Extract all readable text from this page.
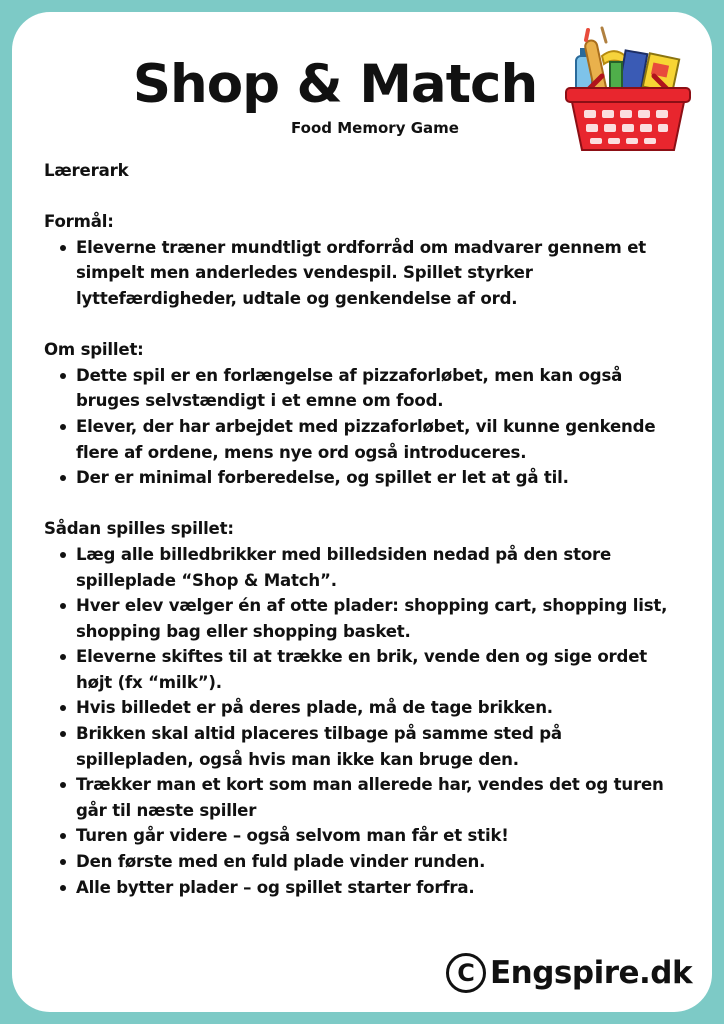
Shop & Match
Food Memory Game
Lærerark
Formål:
Eleverne træner mundtligt ordforråd om madvarer gennem et simpelt men anderledes vendespil. Spillet styrker lyttefærdigheder, udtale og genkendelse af ord.
Om spillet:
Dette spil er en forlængelse af pizzaforløbet, men kan også bruges selvstændigt i et emne om food.
Elever, der har arbejdet med pizzaforløbet, vil kunne genkende flere af ordene, mens nye ord også introduceres.
Der er minimal forberedelse, og spillet er let at gå til.
Sådan spilles spillet:
Læg alle billedbrikker med billedsiden nedad på den store spilleplade “Shop & Match”.
Hver elev vælger én af otte plader: shopping cart, shopping list, shopping bag eller shopping basket.
Eleverne skiftes til at trække en brik, vende den og sige ordet højt (fx “milk”).
Hvis billedet er på deres plade, må de tage brikken.
Brikken skal altid placeres tilbage på samme sted på spillepladen, også hvis man ikke kan bruge den.
Trækker man et kort som man allerede har, vendes det og turen går til næste spiller
Turen går videre – også selvom man får et stik!
Den første med en fuld plade vinder runden.
Alle bytter plader – og spillet starter forfra.
C Engspire.dk
